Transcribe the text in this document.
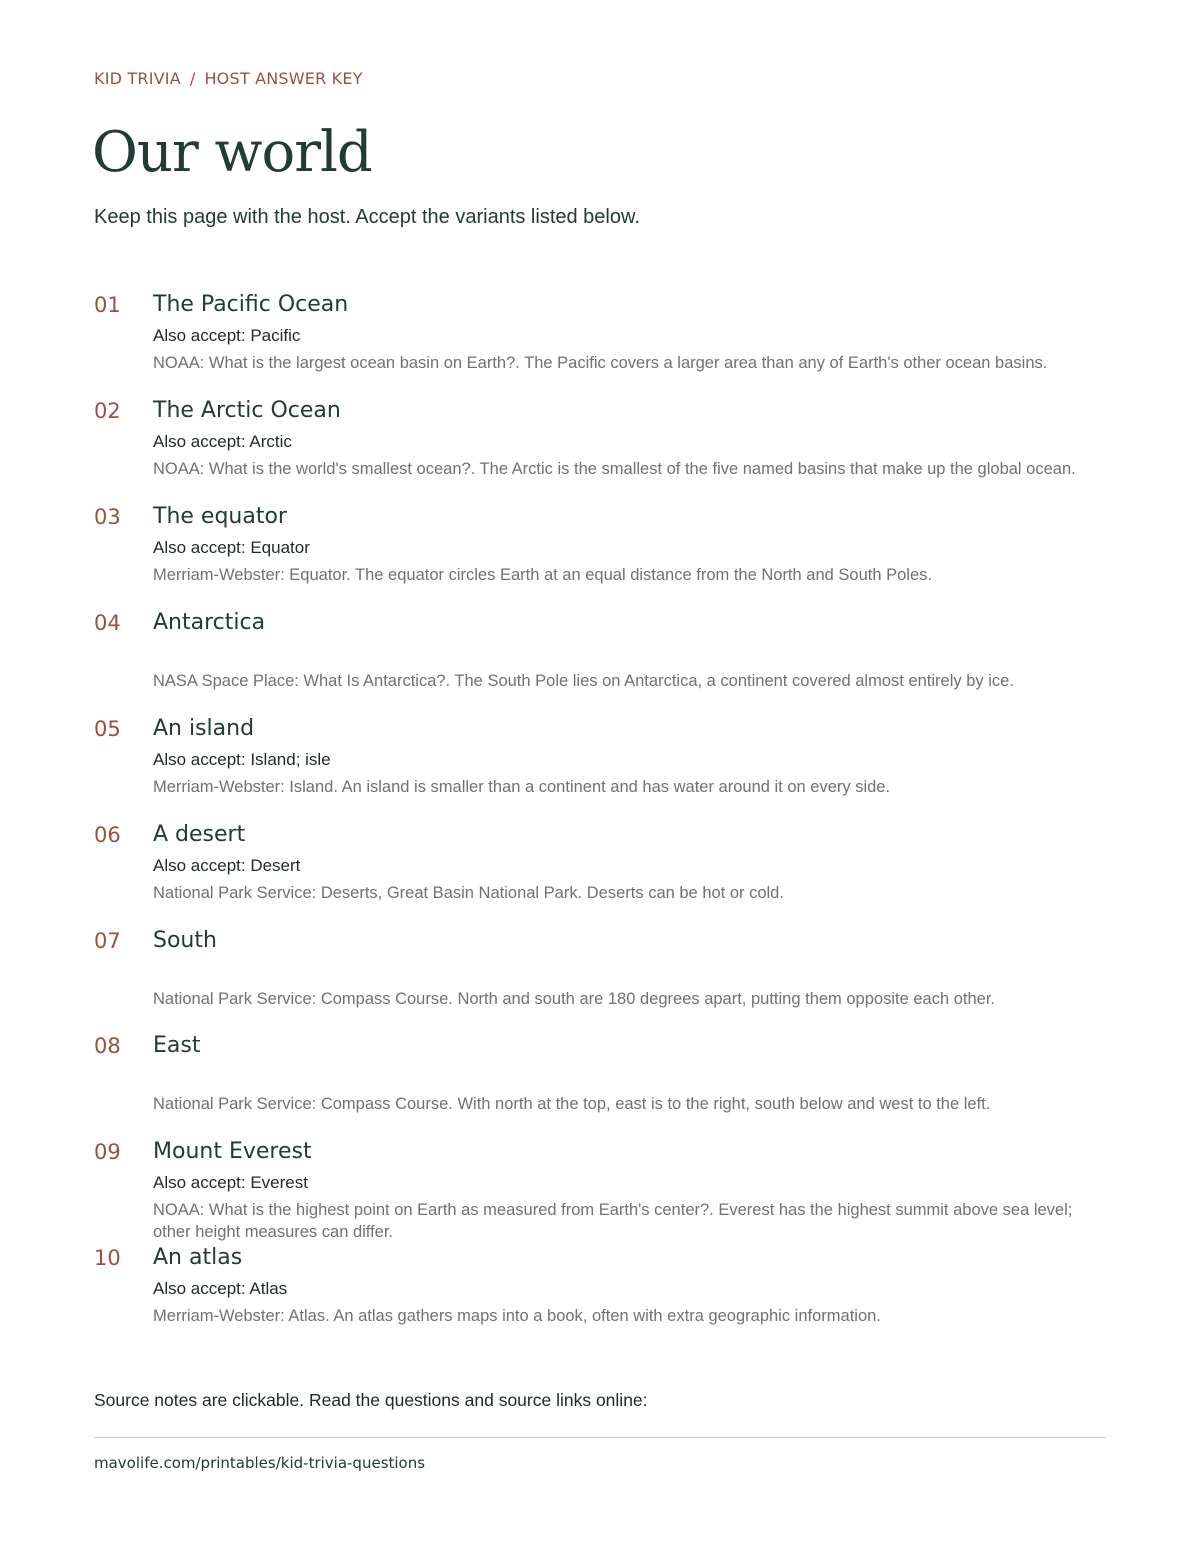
KID TRIVIA / HOST ANSWER KEY
Our world
Keep this page with the host. Accept the variants listed below.
01 The Pacific Ocean
Also accept: Pacific
NOAA: What is the largest ocean basin on Earth?. The Pacific covers a larger area than any of Earth's other ocean basins.
02 The Arctic Ocean
Also accept: Arctic
NOAA: What is the world's smallest ocean?. The Arctic is the smallest of the five named basins that make up the global ocean.
03 The equator
Also accept: Equator
Merriam-Webster: Equator. The equator circles Earth at an equal distance from the North and South Poles.
04 Antarctica
NASA Space Place: What Is Antarctica?. The South Pole lies on Antarctica, a continent covered almost entirely by ice.
05 An island
Also accept: Island; isle
Merriam-Webster: Island. An island is smaller than a continent and has water around it on every side.
06 A desert
Also accept: Desert
National Park Service: Deserts, Great Basin National Park. Deserts can be hot or cold.
07 South
National Park Service: Compass Course. North and south are 180 degrees apart, putting them opposite each other.
08 East
National Park Service: Compass Course. With north at the top, east is to the right, south below and west to the left.
09 Mount Everest
Also accept: Everest
NOAA: What is the highest point on Earth as measured from Earth's center?. Everest has the highest summit above sea level; other height measures can differ.
10 An atlas
Also accept: Atlas
Merriam-Webster: Atlas. An atlas gathers maps into a book, often with extra geographic information.
Source notes are clickable. Read the questions and source links online:
mavolife.com/printables/kid-trivia-questions
